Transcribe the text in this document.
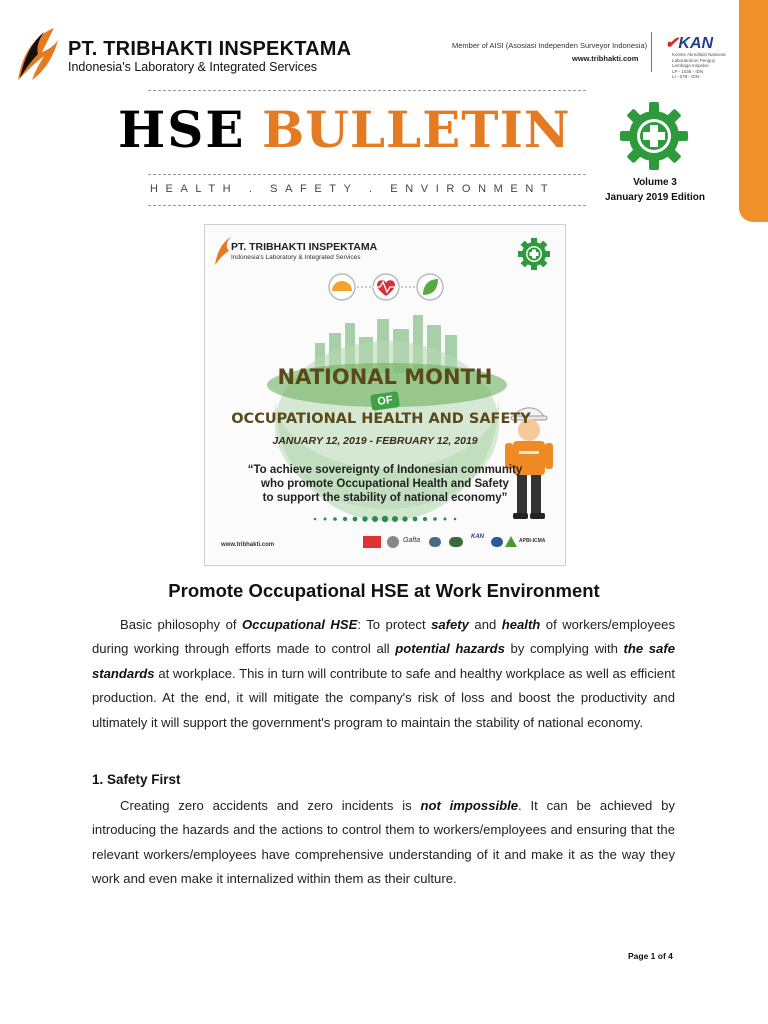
PT. TRIBHAKTI INSPEKTAMA
Indonesia's Laboratory & Integrated Services
Member of AISI (Asosiasi Independen Surveyor Indonesia)
www.tribhakti.com
✔KAN
Komite Akreditasi Nasional
Laboratorium Penguji
Lembaga Inspeksi
LP - 1036 - IDN
LI - 078 - IDN
HSE BULLETIN
HEALTH . SAFETY . ENVIRONMENT
Volume 3
January 2019 Edition
PT. TRIBHAKTI INSPEKTAMA
Indonesia's Laboratory & Integrated Services
NATIONAL MONTH
OF
OCCUPATIONAL HEALTH AND SAFETY
JANUARY 12, 2019 - FEBRUARY 12, 2019
“To achieve sovereignty of Indonesian community
who promote Occupational Health and Safety
to support the stability of national economy”
www.tribhakti.com
Gafta	KAN
APBI-ICMA
Promote Occupational HSE at Work Environment
Basic philosophy of Occupational HSE: To protect safety and health of workers/employees during working through efforts made to control all potential hazards by complying with the safe standards at workplace. This in turn will contribute to safe and healthy workplace as well as efficient production. At the end, it will mitigate the company's risk of loss and boost the productivity and ultimately it will support the government's program to maintain the stability of national economy.
1. Safety First
Creating zero accidents and zero incidents is not impossible. It can be achieved by introducing the hazards and the actions to control them to workers/employees and ensuring that the relevant workers/employees have comprehensive understanding of it and make it as the way they work and even make it internalized within them as their culture.
Page 1 of 4
